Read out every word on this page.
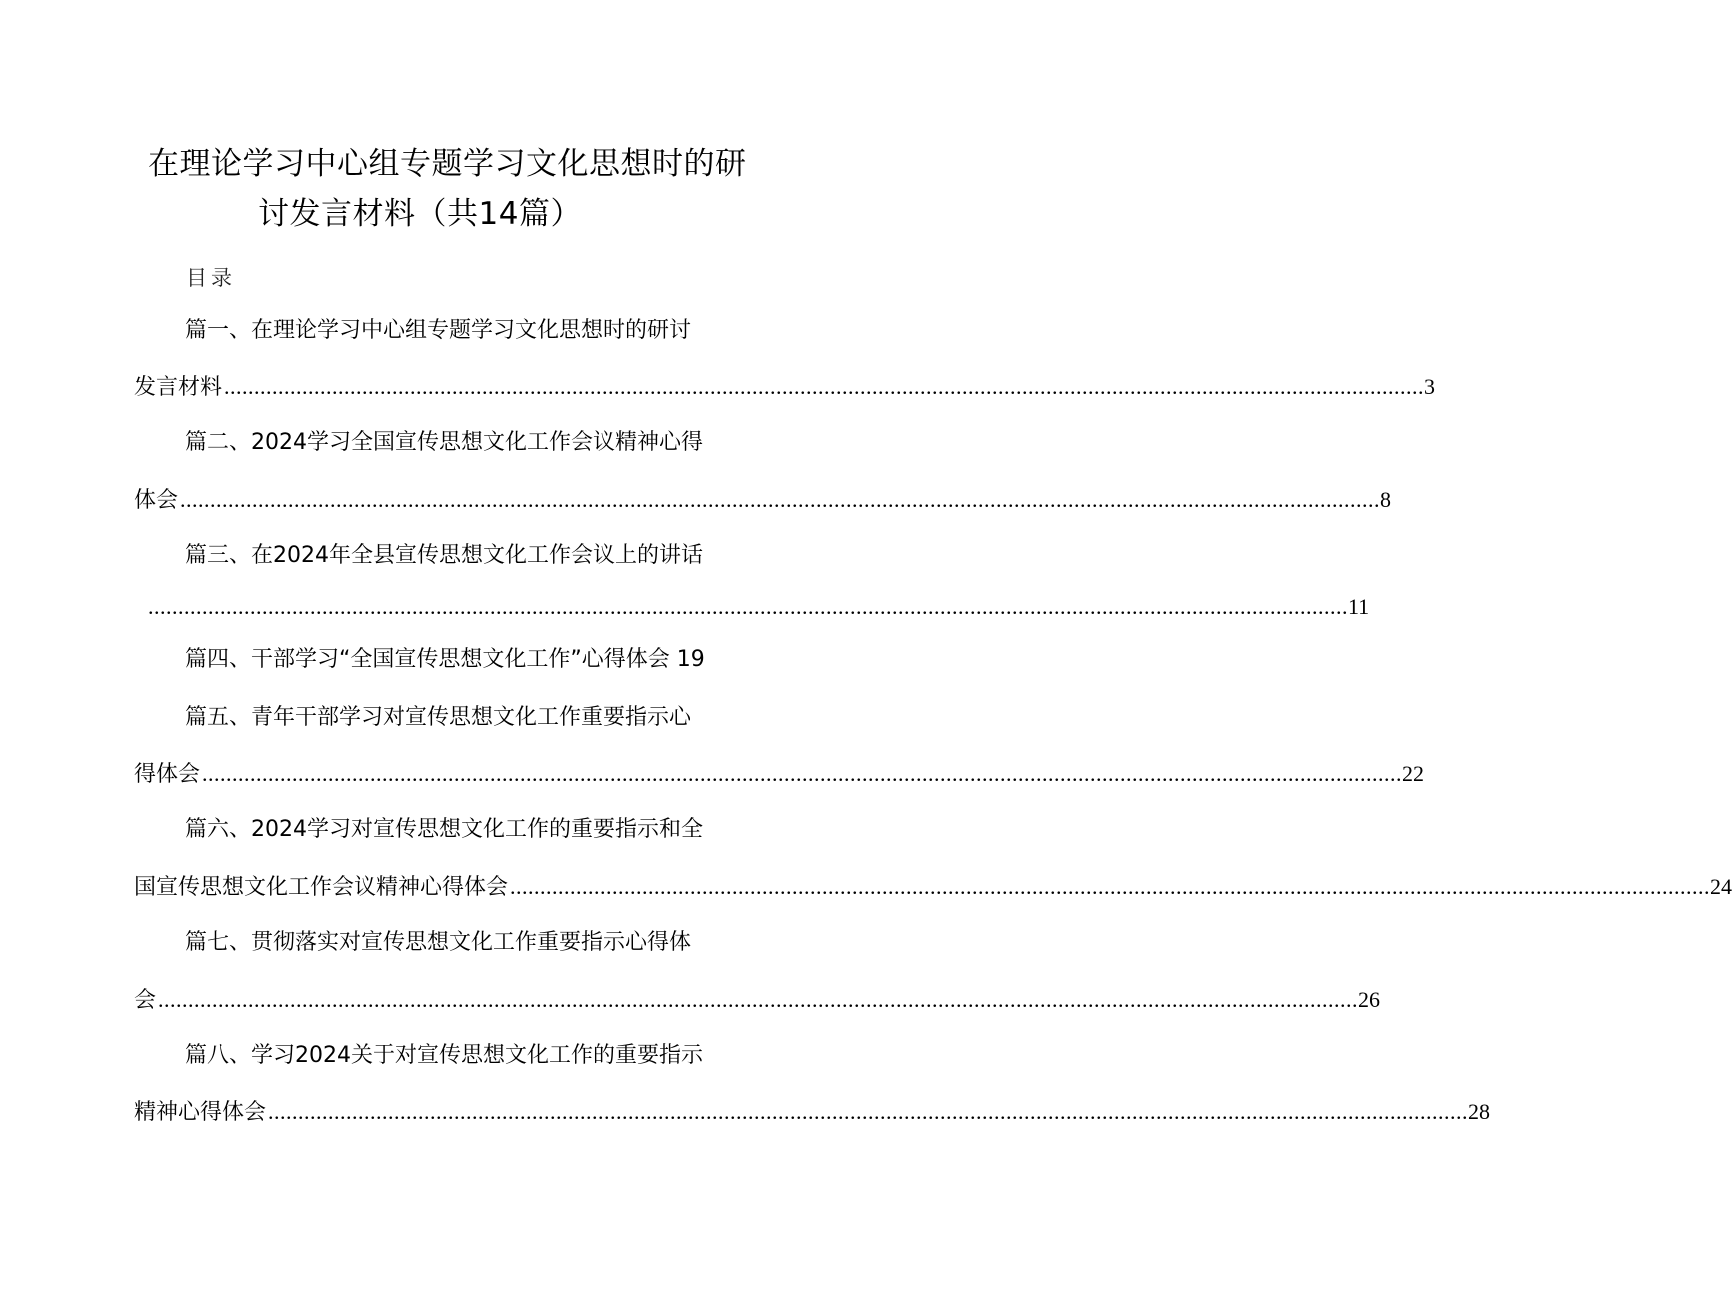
在理论学习中心组专题学习文化思想时的研
讨发言材料（共14篇）
目录
篇一、在理论学习中心组专题学习文化思想时的研讨
发言材料 ........................................................................................................................................................................................................ 3
篇二、2024学习全国宣传思想文化工作会议精神心得
体会 ........................................................................................................................................................................................................ 8
篇三、在2024年全县宣传思想文化工作会议上的讲话
........................................................................................................................................................................................................ 11
篇四、干部学习“全国宣传思想文化工作”心得体会 19
篇五、青年干部学习对宣传思想文化工作重要指示心
得体会 ........................................................................................................................................................................................................ 22
篇六、2024学习对宣传思想文化工作的重要指示和全
国宣传思想文化工作会议精神心得体会 ........................................................................................................................................................................................................ 24
篇七、贯彻落实对宣传思想文化工作重要指示心得体
会 ........................................................................................................................................................................................................ 26
篇八、学习2024关于对宣传思想文化工作的重要指示
精神心得体会 ........................................................................................................................................................................................................ 28
